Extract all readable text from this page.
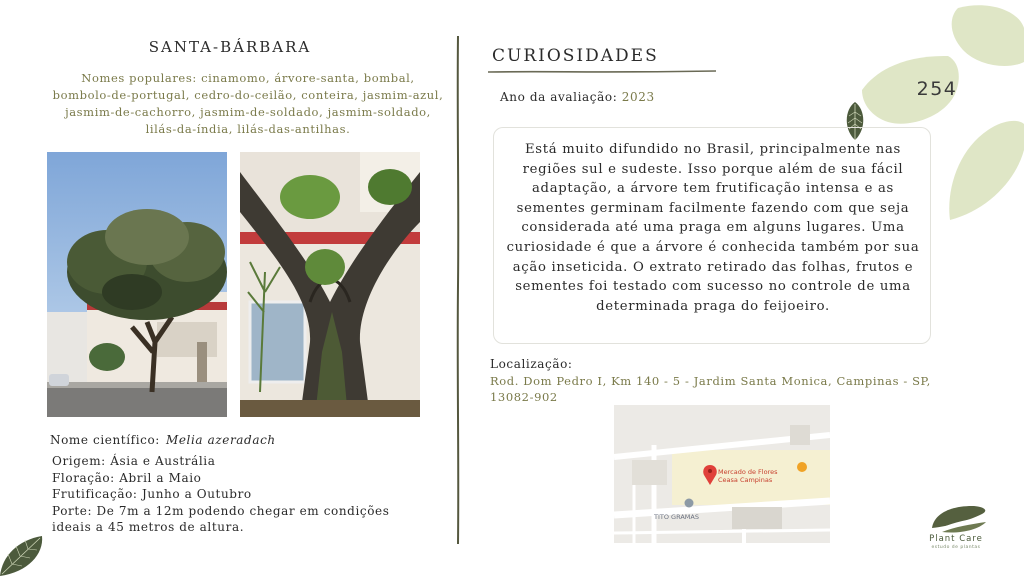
254
SANTA-BÁRBARA
Nomes populares: cinamomo, árvore-santa, bombal, bombolo-de-portugal, cedro-do-ceilão, conteira, jasmim-azul, jasmim-de-cachorro, jasmim-de-soldado, jasmim-soldado, lilás-da-índia, lilás-das-antilhas.
Nome científico: Melia azeradach
Origem: Ásia e Austrália
Floração: Abril a Maio
Frutificação: Junho a Outubro
Porte: De 7m a 12m podendo chegar em condições ideais a 45 metros de altura.
CURIOSIDADES
Ano da avaliação: 2023
Está muito difundido no Brasil, principalmente nas regiões sul e sudeste. Isso porque além de sua fácil adaptação, a árvore tem frutificação intensa e as sementes germinam facilmente fazendo com que seja considerada até uma praga em alguns lugares. Uma curiosidade é que a árvore é conhecida também por sua ação inseticida. O extrato retirado das folhas, frutos e sementes foi testado com sucesso no controle de uma determinada praga do feijoeiro.
Localização:
Rod. Dom Pedro I, Km 140 - 5 - Jardim Santa Monica, Campinas - SP, 13082-902
Mercado de Flores
Ceasa Campinas
TITO GRAMAS
Plant Care
estudo de plantas
